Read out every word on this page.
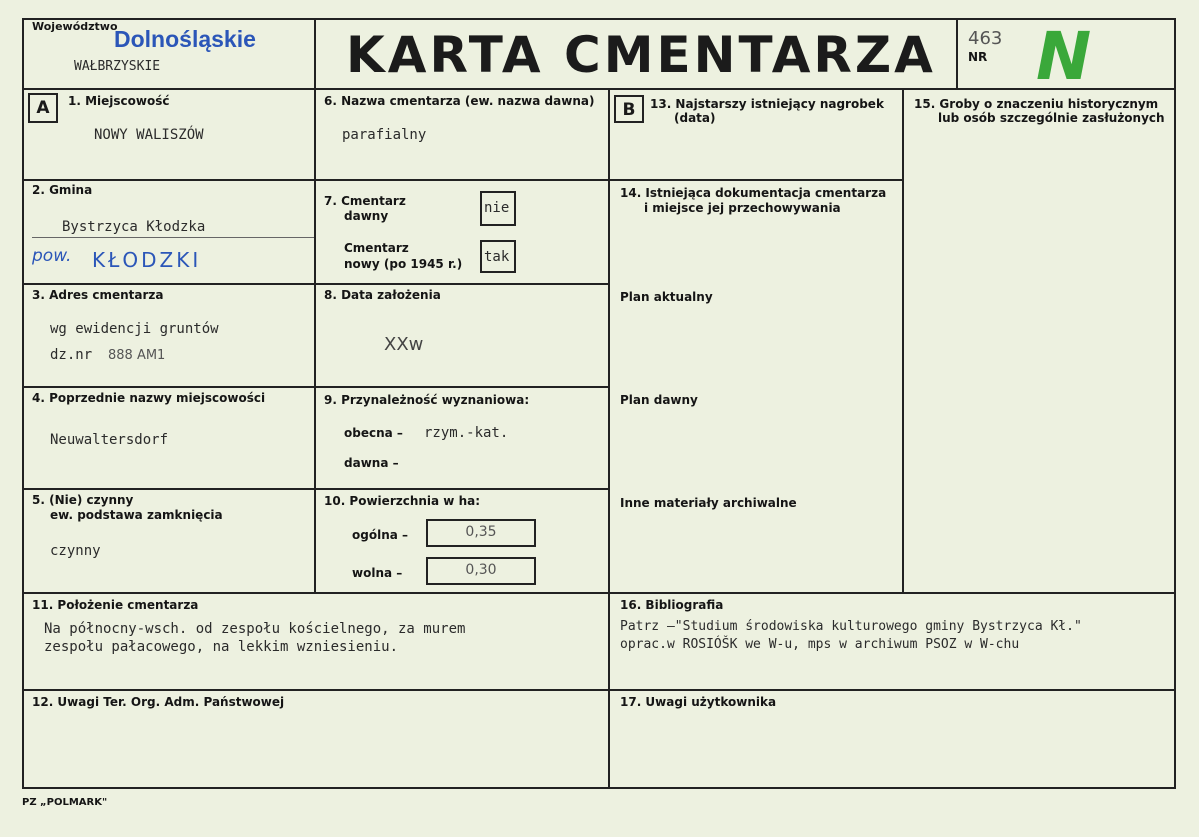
Województwo
Dolnośląskie
WAŁBRZYSKIE	KARTA CMENTARZA 463
NR N
A	B
1. Miejscowość
NOWY WALISZÓW
2. Gmina
Bystrzyca Kłodzka
pow. KŁODZKI
3. Adres cmentarza
wg ewidencji gruntów
dz.nr 888 AM1
4. Poprzednie nazwy miejscowości
Neuwaltersdorf
5. (Nie) czynny
ew. podstawa zamknięcia
czynny
6. Nazwa cmentarza (ew. nazwa dawna)
parafialny
7. Cmentarz
dawny	nie
Cmentarz
nowy (po 1945 r.) tak
8. Data założenia
XXw
9. Przynależność wyznaniowa:
obecna – rzym.-kat.
dawna –
10. Powierzchnia w ha:
ogólna –	0,35
wolna –	0,30
11. Położenie cmentarza
Na północny-wsch. od zespołu kościelnego, za murem
zespołu pałacowego, na lekkim wzniesieniu.
12. Uwagi Ter. Org. Adm. Państwowej
13. Najstarszy istniejący nagrobek
(data)
14. Istniejąca dokumentacja cmentarza
i miejsce jej przechowywania
Plan aktualny
Plan dawny
Inne materiały archiwalne
15. Groby o znaczeniu historycznym
lub osób szczególnie zasłużonych
16. Bibliografia
Patrz –"Studium środowiska kulturowego gminy Bystrzyca Kł."
oprac.w ROSIÓŠK we W-u, mps w archiwum PSOZ w W-chu
17. Uwagi użytkownika
PZ „POLMARK"
